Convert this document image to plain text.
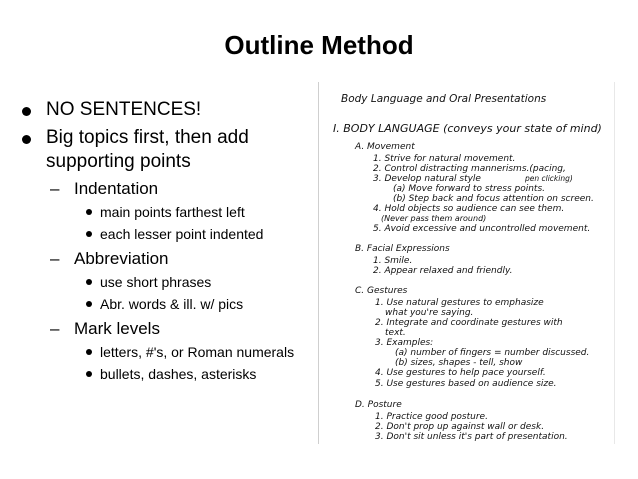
Outline Method
NO SENTENCES!
Big topics first, then add supporting points
– Indentation
main points farthest left
each lesser point indented
– Abbreviation
use short phrases
Abr. words & ill. w/ pics
– Mark levels
letters, #'s, or Roman numerals
bullets, dashes, asterisks
Body Language and Oral Presentations
I. BODY LANGUAGE (conveys your state of mind)
A. Movement
1. Strive for natural movement.
2. Control distracting mannerisms.(pacing,
pen clicking)
3. Develop natural style
(a) Move forward to stress points.
(b) Step back and focus attention on screen.
4. Hold objects so audience can see them.
(Never pass them around)
5. Avoid excessive and uncontrolled movement.
B. Facial Expressions
1. Smile.
2. Appear relaxed and friendly.
C. Gestures
1. Use natural gestures to emphasize
what you're saying.
2. Integrate and coordinate gestures with
text.
3. Examples:
(a) number of fingers = number discussed.
(b) sizes, shapes - tell, show
4. Use gestures to help pace yourself.
5. Use gestures based on audience size.
D. Posture
1. Practice good posture.
2. Don't prop up against wall or desk.
3. Don't sit unless it's part of presentation.
